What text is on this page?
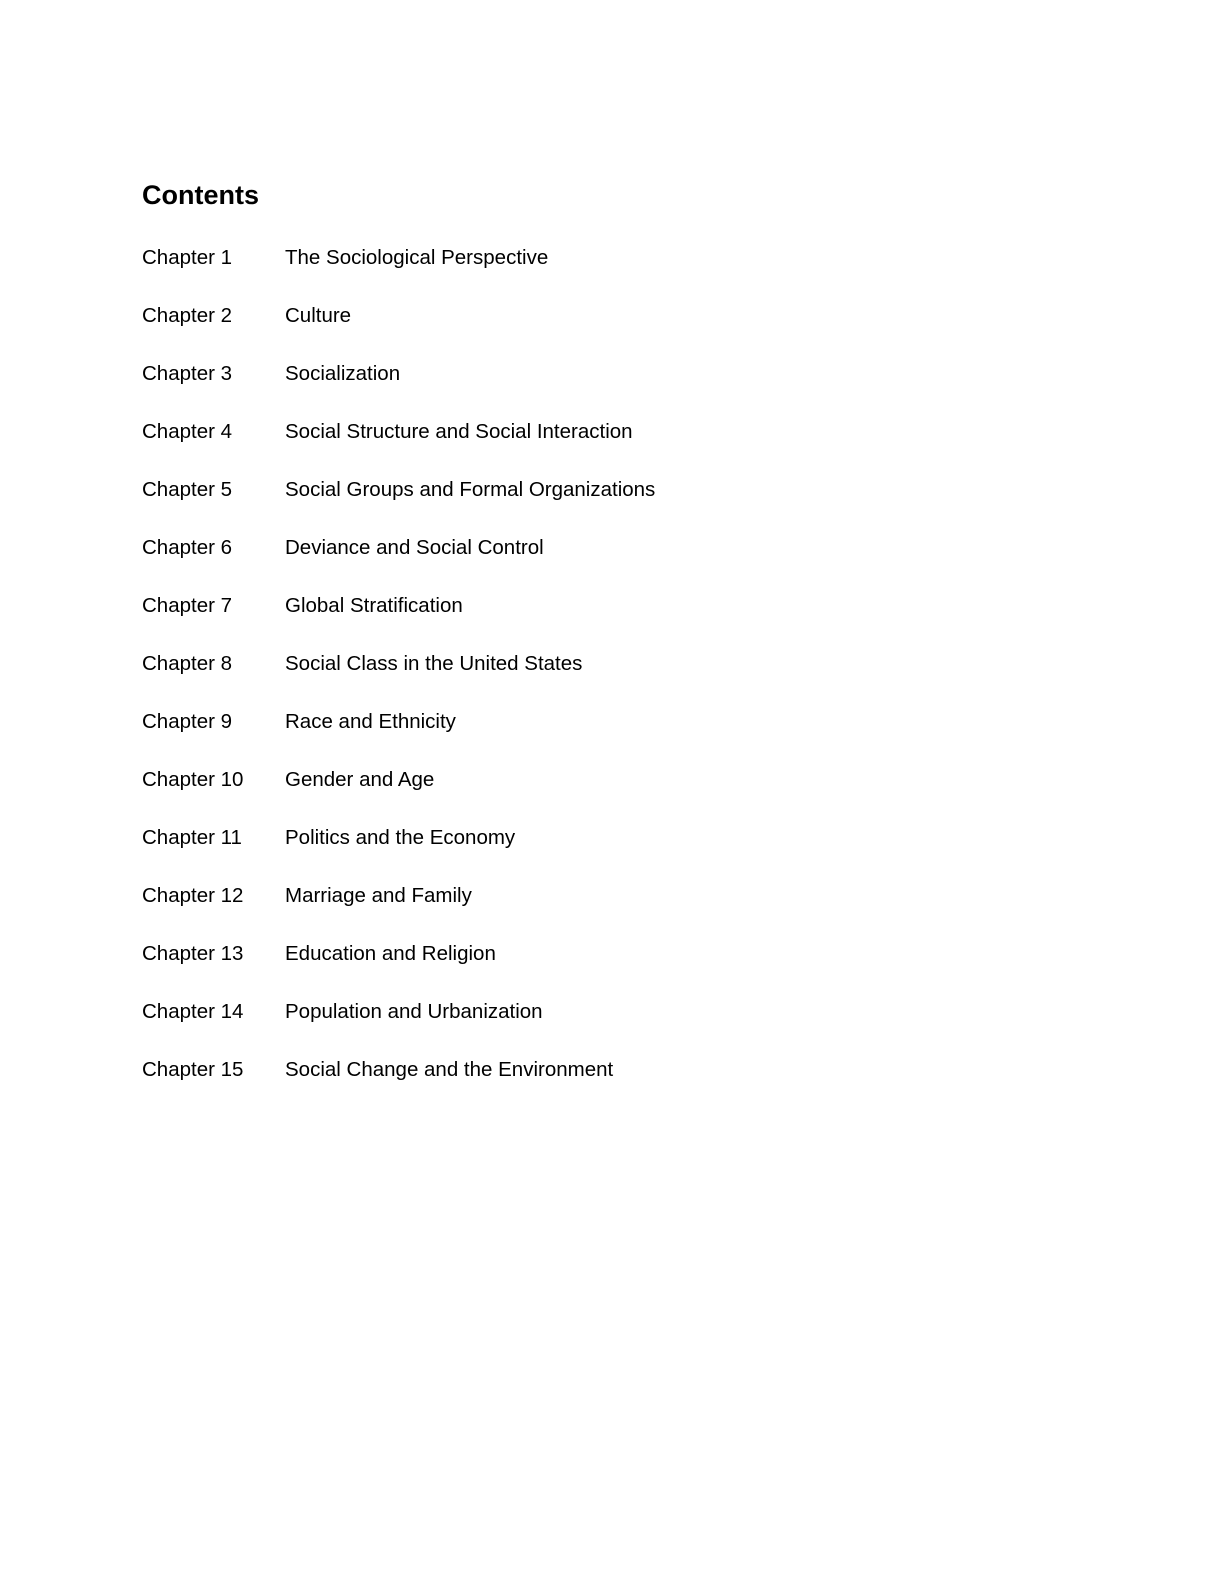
Contents
Chapter 1	The Sociological Perspective
Chapter 2	Culture
Chapter 3	Socialization
Chapter 4	Social Structure and Social Interaction
Chapter 5	Social Groups and Formal Organizations
Chapter 6	Deviance and Social Control
Chapter 7	Global Stratification
Chapter 8	Social Class in the United States
Chapter 9	Race and Ethnicity
Chapter 10	Gender and Age
Chapter 11	Politics and the Economy
Chapter 12	Marriage and Family
Chapter 13	Education and Religion
Chapter 14	Population and Urbanization
Chapter 15	Social Change and the Environment
